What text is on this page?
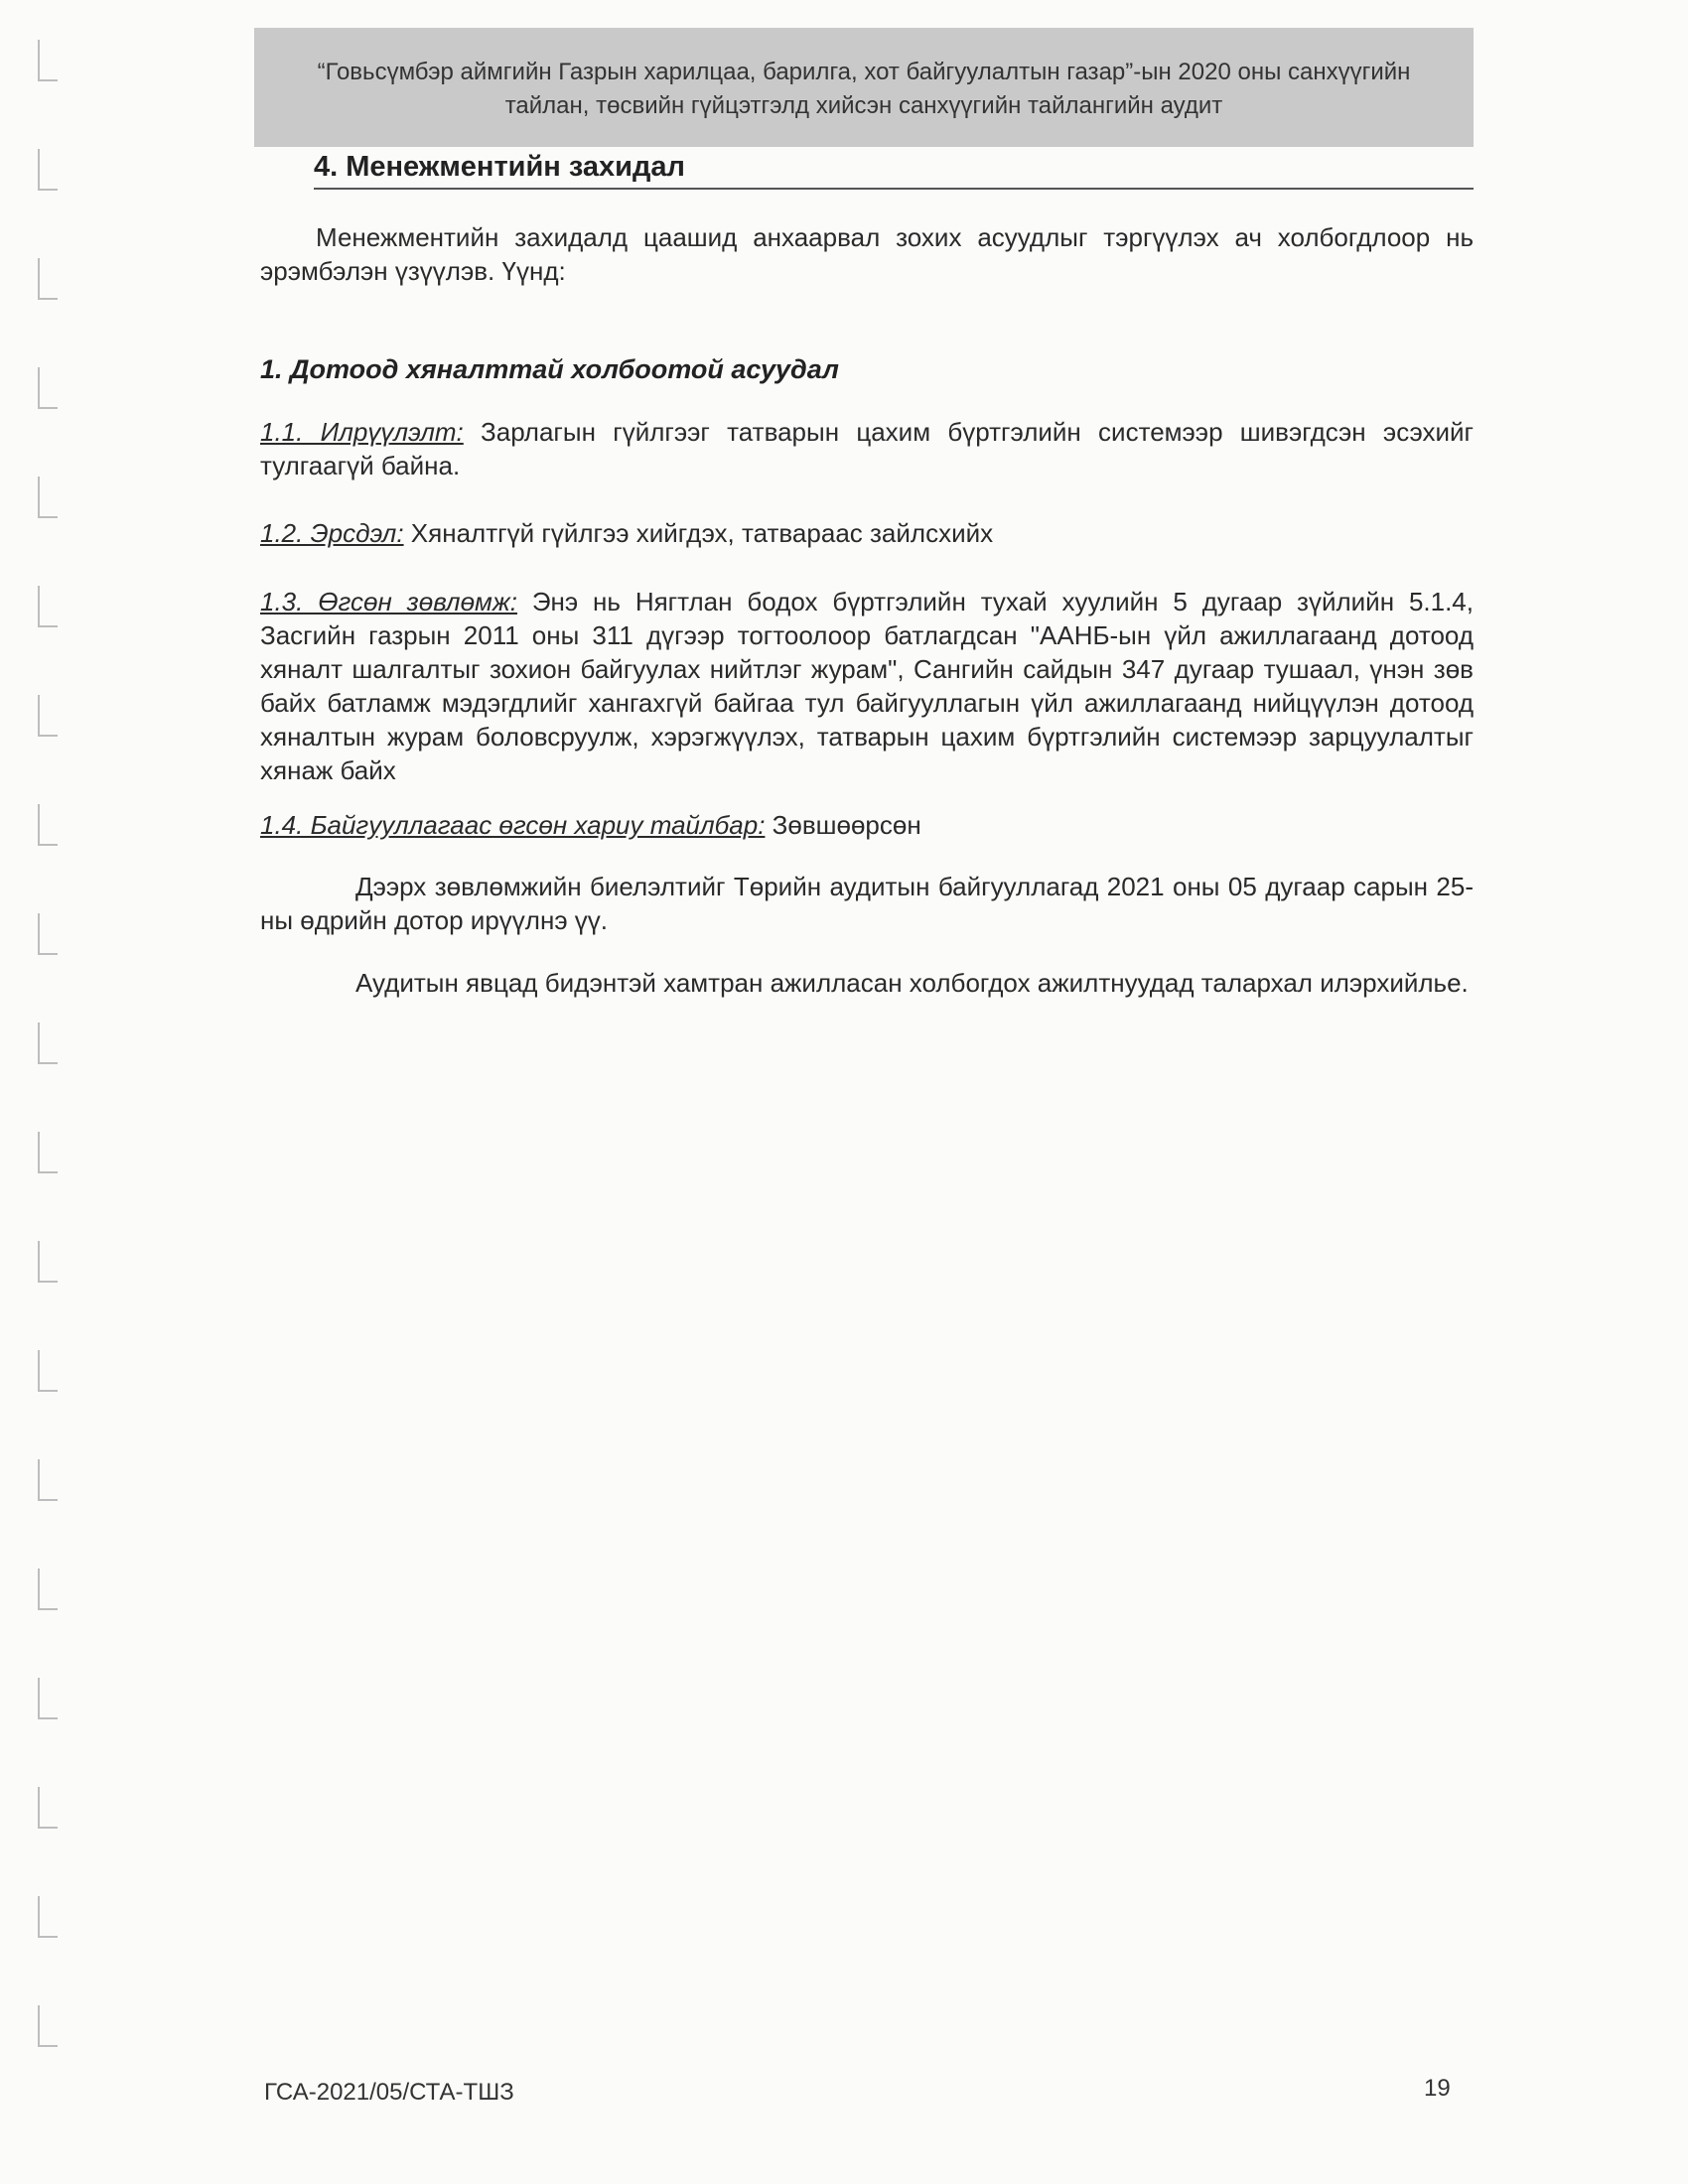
“Говьсүмбэр аймгийн Газрын харилцаа, барилга, хот байгуулалтын газар”-ын 2020 оны санхүүгийн
тайлан, төсвийн гүйцэтгэлд хийсэн санхүүгийн тайлангийн аудит
4. Менежментийн захидал
Менежментийн захидалд цаашид анхаарвал зохих асуудлыг тэргүүлэх ач холбогдлоор нь эрэмбэлэн үзүүлэв. Үүнд:
1. Дотоод хяналттай холбоотой асуудал
1.1. Илрүүлэлт: Зарлагын гүйлгээг татварын цахим бүртгэлийн системээр шивэгдсэн эсэхийг тулгаагүй байна.
1.2. Эрсдэл: Хяналтгүй гүйлгээ хийгдэх, татвараас зайлсхийх
1.3. Өгсөн зөвлөмж: Энэ нь Нягтлан бодох бүртгэлийн тухай хуулийн 5 дугаар зүйлийн 5.1.4, Засгийн газрын 2011 оны 311 дүгээр тогтоолоор батлагдсан "ААНБ-ын үйл ажиллагаанд дотоод хяналт шалгалтыг зохион байгуулах нийтлэг журам", Сангийн сайдын 347 дугаар тушаал, үнэн зөв байх батламж мэдэгдлийг хангахгүй байгаа тул байгууллагын үйл ажиллагаанд нийцүүлэн дотоод хяналтын журам боловсруулж, хэрэгжүүлэх, татварын цахим бүртгэлийн системээр зарцуулалтыг хянаж байх
1.4. Байгууллагаас өгсөн хариу тайлбар: Зөвшөөрсөн
Дээрх зөвлөмжийн биелэлтийг Төрийн аудитын байгууллагад 2021 оны 05 дугаар сарын 25-ны өдрийн дотор ирүүлнэ үү.
Аудитын явцад бидэнтэй хамтран ажилласан холбогдох ажилтнуудад талархал илэрхийлье.
ГСА-2021/05/СТА-ТШЗ	19
